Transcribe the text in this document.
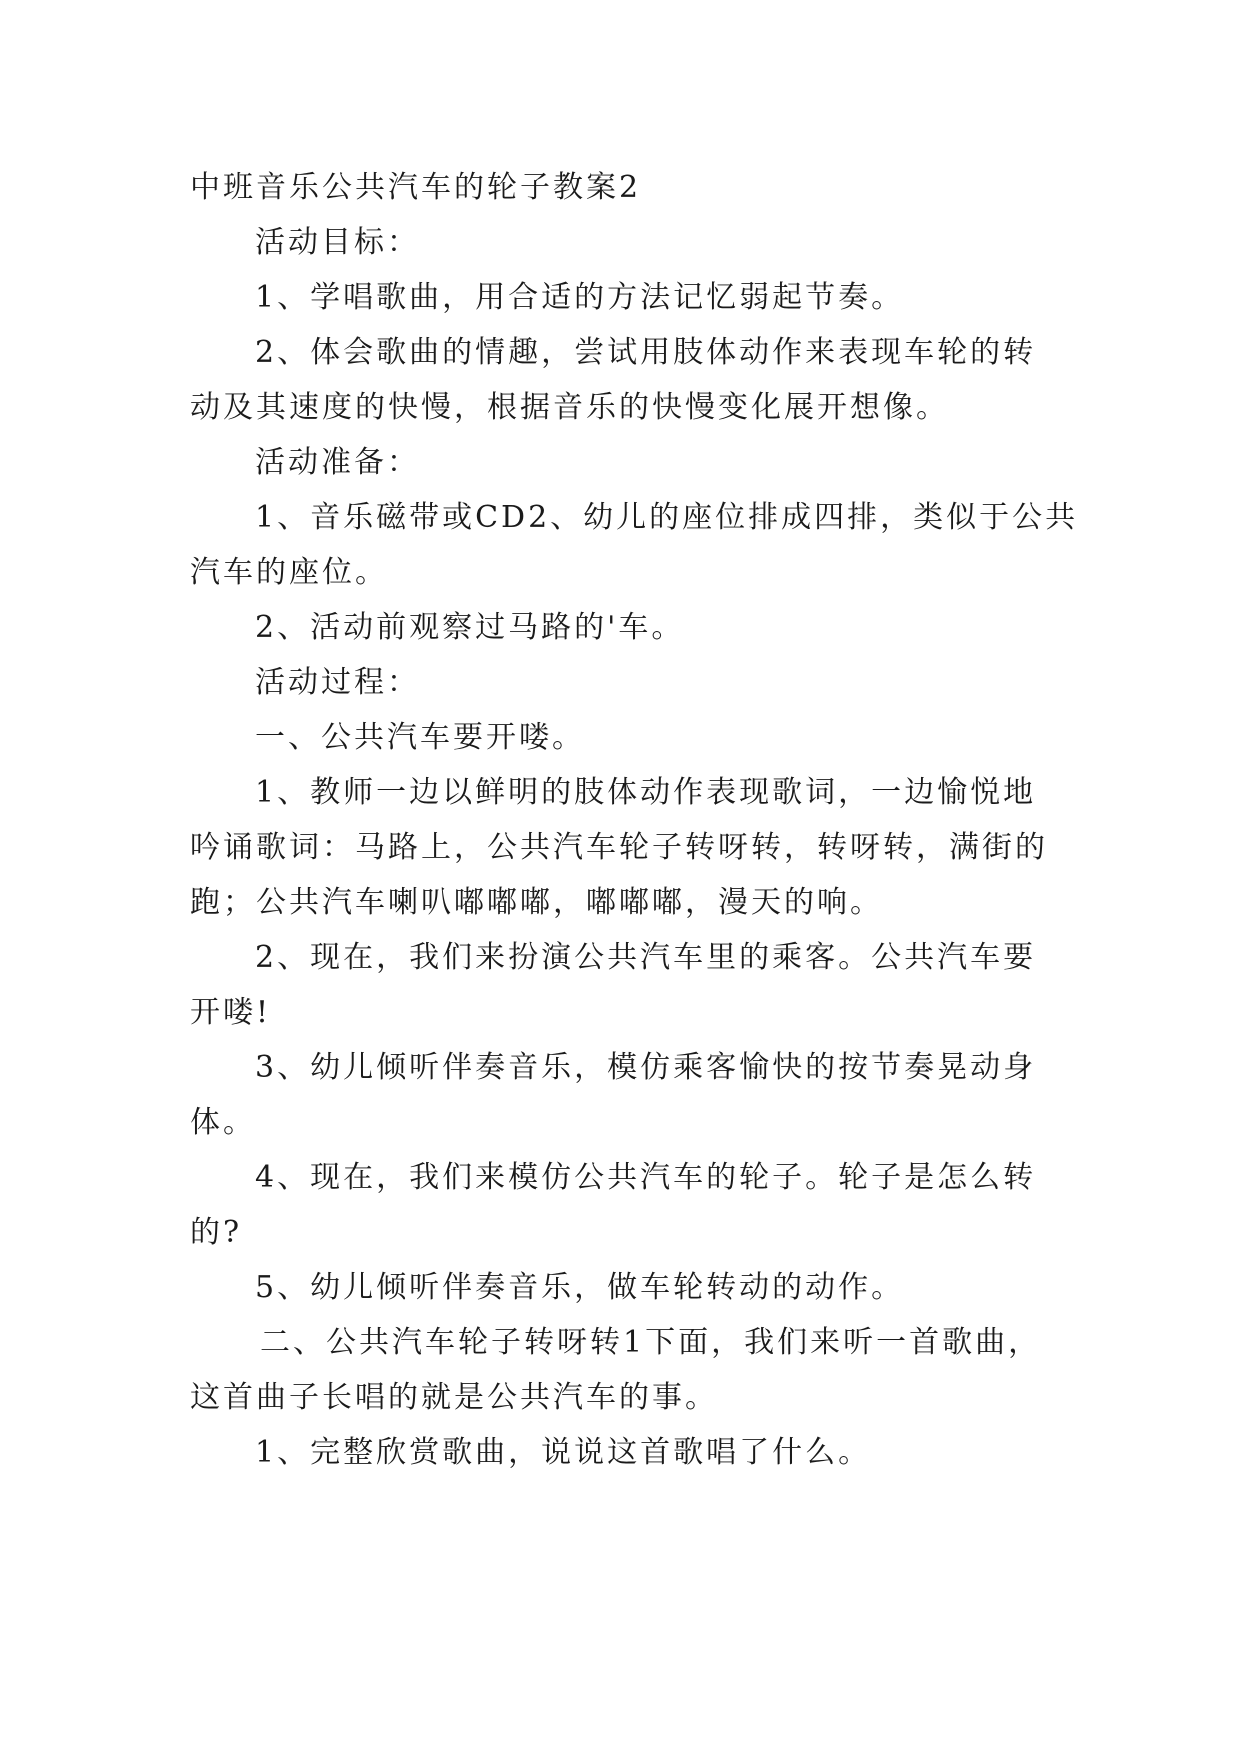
中班音乐公共汽车的轮子教案2
活动目标：
1、学唱歌曲，用合适的方法记忆弱起节奏。
2、体会歌曲的情趣，尝试用肢体动作来表现车轮的转
动及其速度的快慢，根据音乐的快慢变化展开想像。
活动准备：
1、音乐磁带或CD2、幼儿的座位排成四排，类似于公共
汽车的座位。
2、活动前观察过马路的'车。
活动过程：
一、公共汽车要开喽。
1、教师一边以鲜明的肢体动作表现歌词，一边愉悦地
吟诵歌词：马路上，公共汽车轮子转呀转，转呀转，满街的
跑；公共汽车喇叭嘟嘟嘟，嘟嘟嘟，漫天的响。
2、现在，我们来扮演公共汽车里的乘客。公共汽车要
开喽!
3、幼儿倾听伴奏音乐，模仿乘客愉快的按节奏晃动身
体。
4、现在，我们来模仿公共汽车的轮子。轮子是怎么转
的?
5、幼儿倾听伴奏音乐，做车轮转动的动作。
二、公共汽车轮子转呀转1下面，我们来听一首歌曲，
这首曲子长唱的就是公共汽车的事。
1、完整欣赏歌曲，说说这首歌唱了什么。
